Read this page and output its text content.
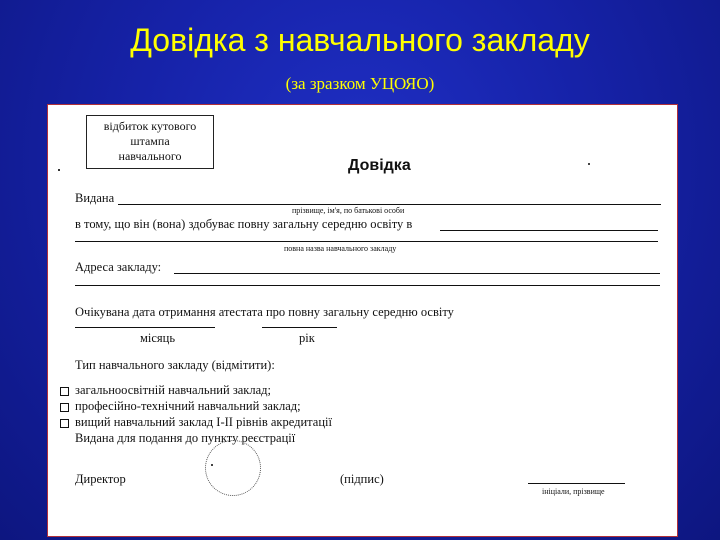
Довідка з навчального закладу
(за зразком УЦОЯО)
відбиток кутового
штампа
навчального
Довідка
Видана
прізвище, ім'я, по батькові особи
в тому, що він (вона) здобуває повну загальну середню освіту в
повна назва навчального закладу
Адреса закладу:
Очікувана дата отримання атестата про повну загальну середню освіту
місяць	рік
Тип навчального закладу (відмітити):
загальноосвітній навчальний заклад;
професійно-технічний навчальний заклад;
вищий навчальний заклад І-ІІ рівнів акредитації
Видана для подання до пункту реєстрації
Директор	(підпис)
ініціали, прізвище
